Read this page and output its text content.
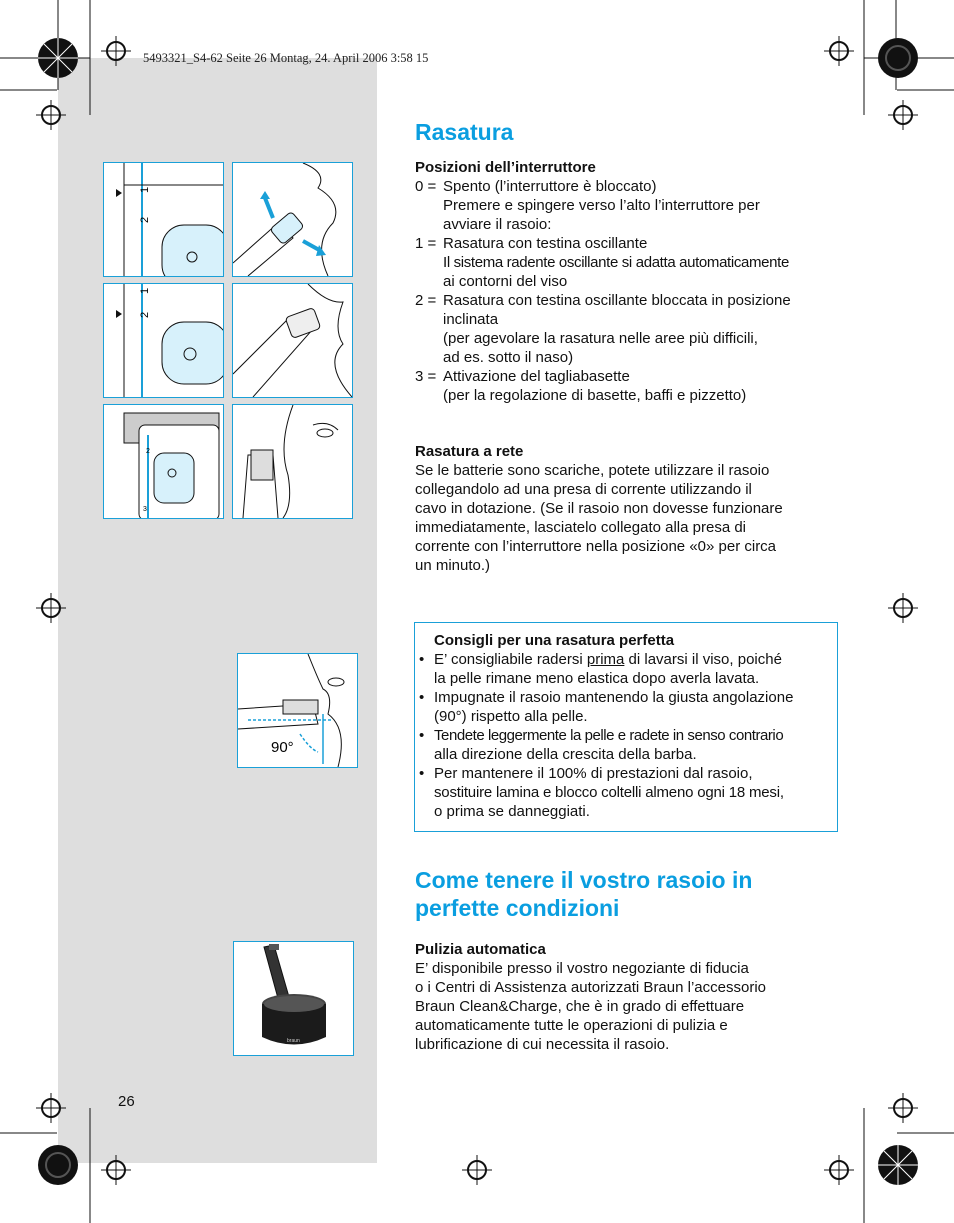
5493321_S4-62 Seite 26 Montag, 24. April 2006 3:58 15
1
2
1
2
2
3
90°
braun
Rasatura
Posizioni dell’interruttore
0 = Spento (l’interruttore è bloccato)
Premere e spingere verso l’alto l’interruttore per
avviare il rasoio:
1 = Rasatura con testina oscillante
Il sistema radente oscillante si adatta automaticamente
ai contorni del viso
2 = Rasatura con testina oscillante bloccata in posizione
inclinata
(per agevolare la rasatura nelle aree più difficili,
ad es. sotto il naso)
3 = Attivazione del tagliabasette
(per la regolazione di basette, baffi e pizzetto)
Rasatura a rete
Se le batterie sono scariche, potete utilizzare il rasoio
collegandolo ad una presa di corrente utilizzando il
cavo in dotazione. (Se il rasoio non dovesse funzionare
immediatamente, lasciatelo collegato alla presa di
corrente con l’interruttore nella posizione «0» per circa
un minuto.)
Consigli per una rasatura perfetta
• E’ consigliabile radersi prima di lavarsi il viso, poiché
la pelle rimane meno elastica dopo averla lavata.
• Impugnate il rasoio mantenendo la giusta angolazione
(90°) rispetto alla pelle.
• Tendete leggermente la pelle e radete in senso contrario
alla direzione della crescita della barba.
• Per mantenere il 100% di prestazioni dal rasoio,
sostituire lamina e blocco coltelli almeno ogni 18 mesi,
o prima se danneggiati.
Come tenere il vostro rasoio in
perfette condizioni
Pulizia automatica
E’ disponibile presso il vostro negoziante di fiducia
o i Centri di Assistenza autorizzati Braun l’accessorio
Braun Clean&Charge, che è in grado di effettuare
automaticamente tutte le operazioni di pulizia e
lubrificazione di cui necessita il rasoio.
26
